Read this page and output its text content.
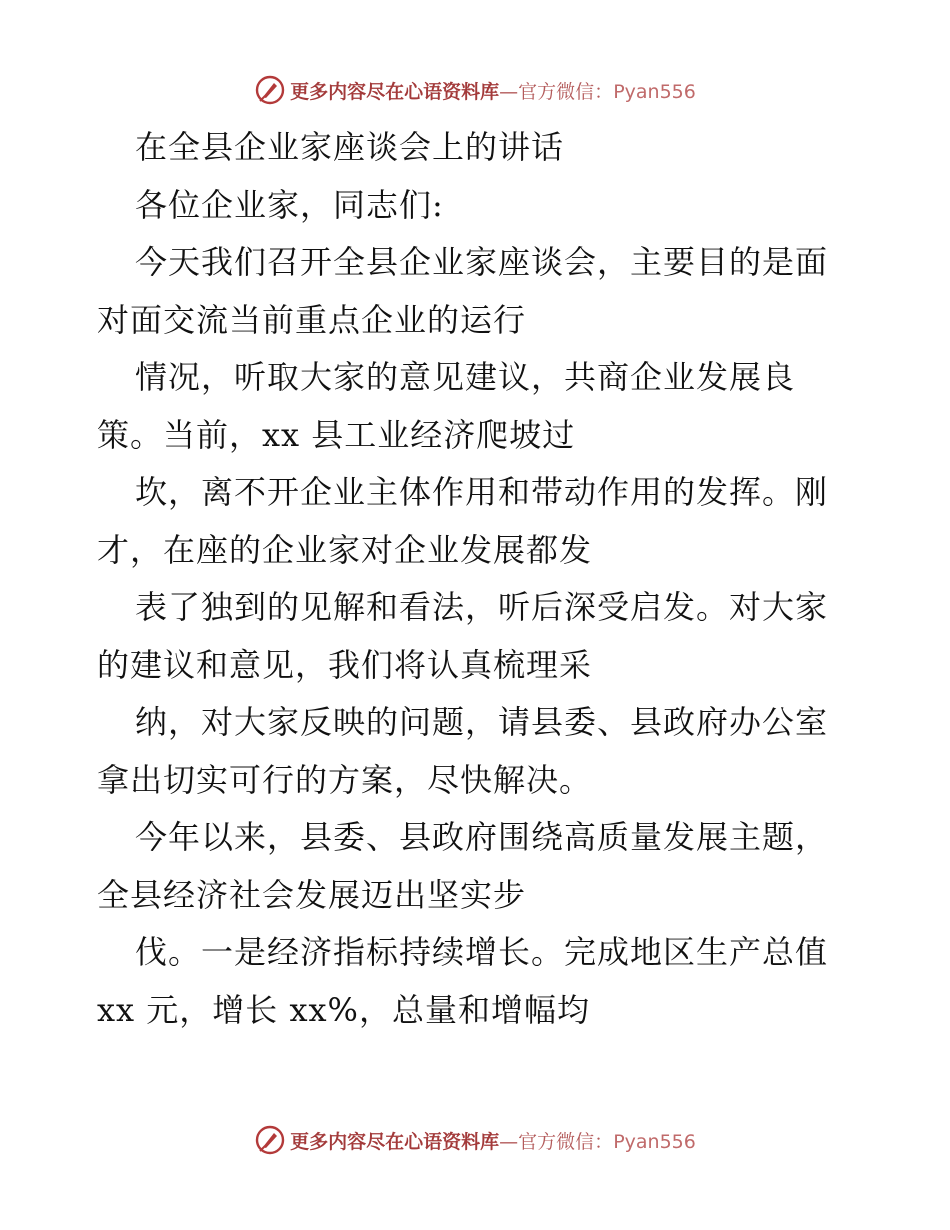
更多内容尽在心语资料库—官方微信：Pyan556
在全县企业家座谈会上的讲话
各位企业家，同志们:
今天我们召开全县企业家座谈会，主要目的是面
对面交流当前重点企业的运行
情况，听取大家的意见建议，共商企业发展良
策。当前，xx 县工业经济爬坡过
坎，离不开企业主体作用和带动作用的发挥。刚
才，在座的企业家对企业发展都发
表了独到的见解和看法，听后深受启发。对大家
的建议和意见，我们将认真梳理采
纳，对大家反映的问题，请县委、县政府办公室
拿出切实可行的方案，尽快解决。
今年以来，县委、县政府围绕高质量发展主题，
全县经济社会发展迈出坚实步
伐。一是经济指标持续增长。完成地区生产总值
xx 元，增长 xx%，总量和增幅均
更多内容尽在心语资料库—官方微信：Pyan556
